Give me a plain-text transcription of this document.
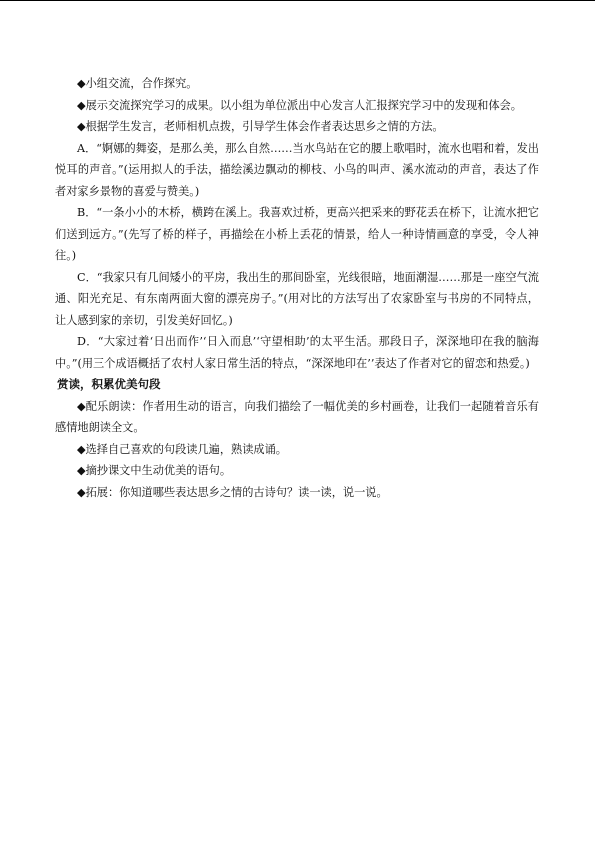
◆小组交流，合作探究。

◆展示交流探究学习的成果。以小组为单位派出中心发言人汇报探究学习中的发现和体会。

◆根据学生发言，老师相机点拨，引导学生体会作者表达思乡之情的方法。

A．“婀娜的舞姿，是那么美，那么自然……当水鸟站在它的腰上歌唱时，流水也唱和着，发出悦耳的声音。”(运用拟人的手法，描绘溪边飘动的柳枝、小鸟的叫声、溪水流动的声音，表达了作者对家乡景物的喜爱与赞美。)

B．“一条小小的木桥，横跨在溪上。我喜欢过桥，更高兴把采来的野花丢在桥下，让流水把它们送到远方。”(先写了桥的样子，再描绘在小桥上丢花的情景，给人一种诗情画意的享受，令人神往。)

C．“我家只有几间矮小的平房，我出生的那间卧室，光线很暗，地面潮湿……那是一座空气流通、阳光充足、有东南两面大窗的漂亮房子。”(用对比的方法写出了农家卧室与书房的不同特点，让人感到家的亲切，引发美好回忆。)

D．“大家过着‘日出而作’‘日入而息’‘守望相助’的太平生活。那段日子，深深地印在我的脑海中。”(用三个成语概括了农村人家日常生活的特点，“深深地印在’’表达了作者对它的留恋和热爱。)

赏读，积累优美句段

◆配乐朗读：作者用生动的语言，向我们描绘了一幅优美的乡村画卷，让我们一起随着音乐有感情地朗读全文。

◆选择自己喜欢的句段读几遍，熟读成诵。

◆摘抄课文中生动优美的语句。

◆拓展：你知道哪些表达思乡之情的古诗句？读一读，说一说。
